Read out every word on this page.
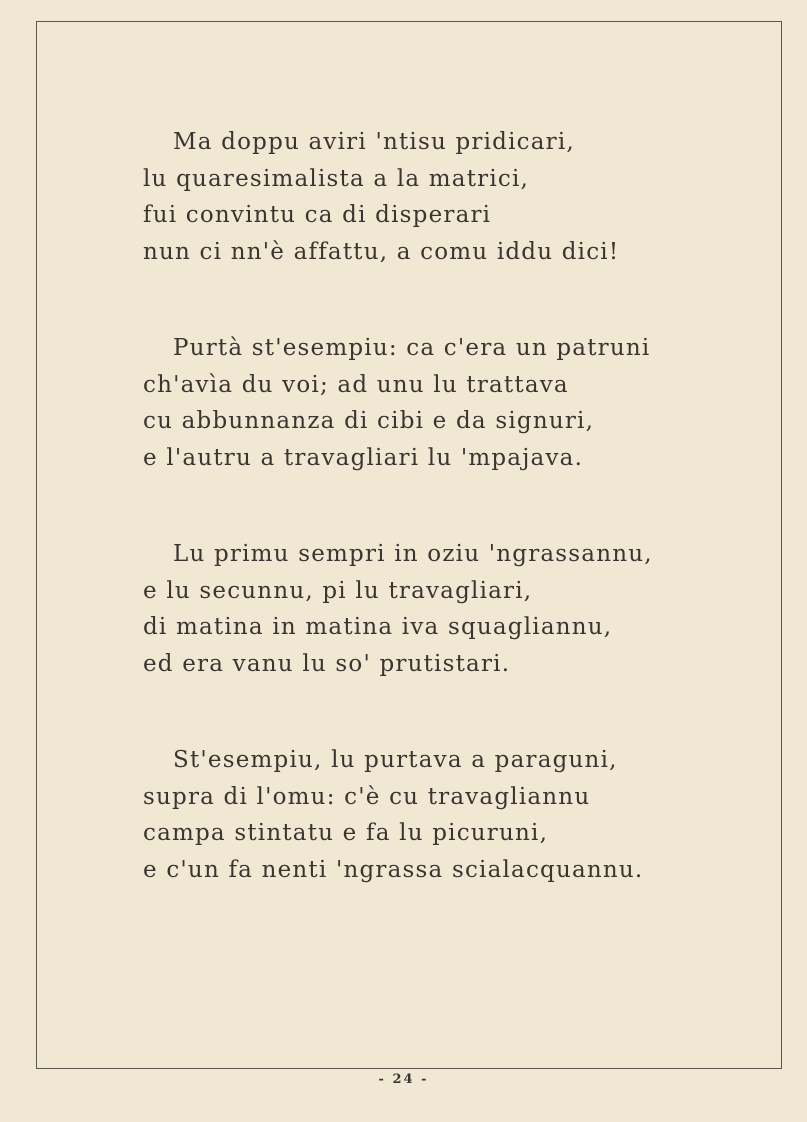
Ma doppu aviri 'ntisu pridicari,
lu quaresimalista a la matrici,
fui convintu ca di disperari
nun ci nn'è affattu, a comu iddu dici!
Purtà st'esempiu: ca c'era un patruni
ch'avìa du voi; ad unu lu trattava
cu abbunnanza di cibi e da signuri,
e l'autru a travagliari lu 'mpajava.
Lu primu sempri in oziu 'ngrassannu,
e lu secunnu, pi lu travagliari,
di matina in matina iva squagliannu,
ed era vanu lu so' prutistari.
St'esempiu, lu purtava a paraguni,
supra di l'omu: c'è cu travagliannu
campa stintatu e fa lu picuruni,
e c'un fa nenti 'ngrassa scialacquannu.
- 24 -
